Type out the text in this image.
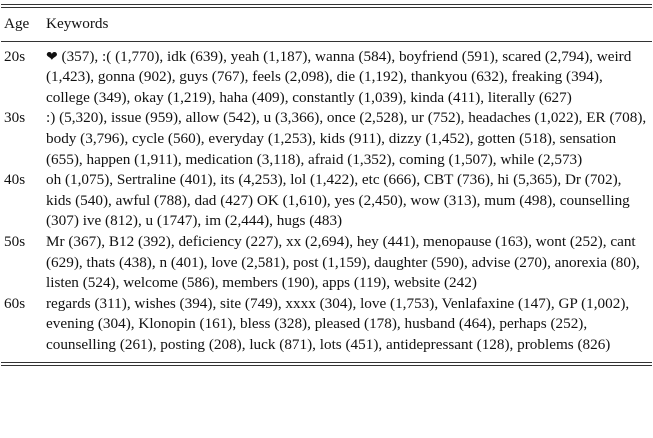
Age	Keywords
20s	❤ (357), :( (1,770), idk (639), yeah (1,187), wanna (584), boyfriend (591), scared (2,794), weird (1,423), gonna (902), guys (767), feels (2,098), die (1,192), thankyou (632), freaking (394), college (349), okay (1,219), haha (409), constantly (1,039), kinda (411), literally (627)
30s	:) (5,320), issue (959), allow (542), u (3,366), once (2,528), ur (752), headaches (1,022), ER (708), body (3,796), cycle (560), everyday (1,253), kids (911), dizzy (1,452), gotten (518), sensation (655), happen (1,911), medication (3,118), afraid (1,352), coming (1,507), while (2,573)
40s	oh (1,075), Sertraline (401), its (4,253), lol (1,422), etc (666), CBT (736), hi (5,365), Dr (702), kids (540), awful (788), dad (427) OK (1,610), yes (2,450), wow (313), mum (498), counselling (307) ive (812), u (1747), im (2,444), hugs (483)
50s	Mr (367), B12 (392), deficiency (227), xx (2,694), hey (441), menopause (163), wont (252), cant (629), thats (438), n (401), love (2,581), post (1,159), daughter (590), advise (270), anorexia (80), listen (524), welcome (586), members (190), apps (119), website (242)
60s	regards (311), wishes (394), site (749), xxxx (304), love (1,753), Venlafaxine (147), GP (1,002), evening (304), Klonopin (161), bless (328), pleased (178), husband (464), perhaps (252), counselling (261), posting (208), luck (871), lots (451), antidepressant (128), problems (826)
